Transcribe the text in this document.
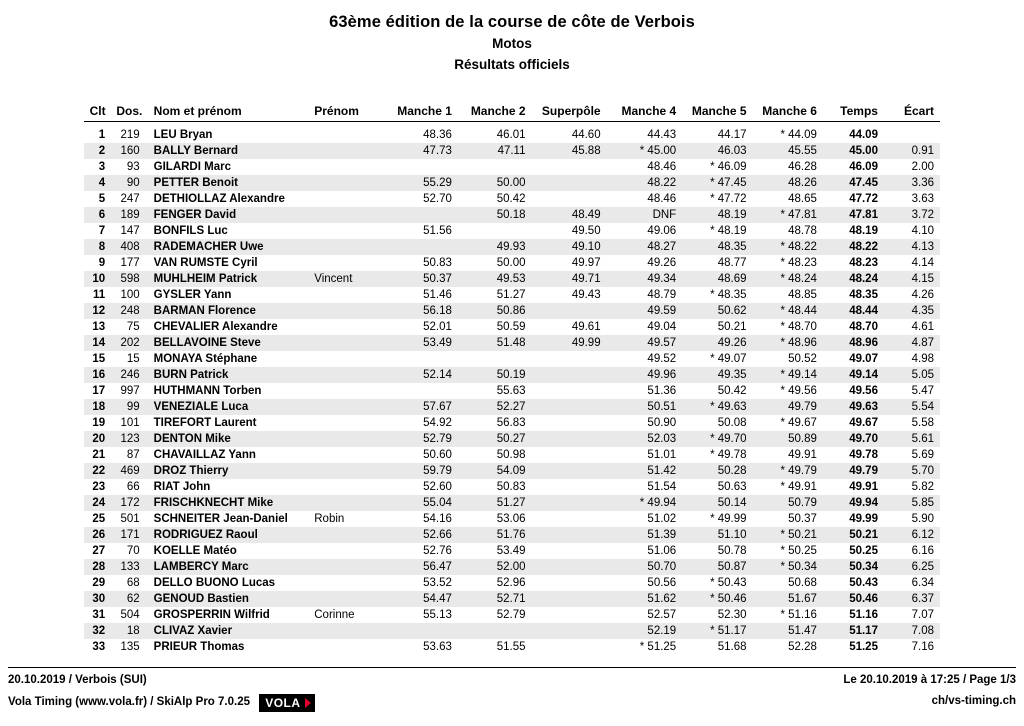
63ème édition de la course de côte de Verbois
Motos
Résultats officiels
Clt	Dos.	Nom et prénom	Prénom	Manche 1	Manche 2	Superpôle	Manche 4	Manche 5	Manche 6	Temps	Écart

1	219	LEU Bryan		48.36	46.01	44.60	44.43	44.17	* 44.09	44.09	
2	160	BALLY Bernard		47.73	47.11	45.88	* 45.00	46.03	45.55	45.00	0.91
3	93	GILARDI Marc					48.46	* 46.09	46.28	46.09	2.00
4	90	PETTER Benoit		55.29	50.00		48.22	* 47.45	48.26	47.45	3.36
5	247	DETHIOLLAZ Alexandre		52.70	50.42		48.46	* 47.72	48.65	47.72	3.63
6	189	FENGER David			50.18	48.49	DNF	48.19	* 47.81	47.81	3.72
7	147	BONFILS Luc		51.56		49.50	49.06	* 48.19	48.78	48.19	4.10
8	408	RADEMACHER Uwe			49.93	49.10	48.27	48.35	* 48.22	48.22	4.13
9	177	VAN RUMSTE Cyril		50.83	50.00	49.97	49.26	48.77	* 48.23	48.23	4.14
10	598	MUHLHEIM Patrick	Vincent	50.37	49.53	49.71	49.34	48.69	* 48.24	48.24	4.15
11	100	GYSLER Yann		51.46	51.27	49.43	48.79	* 48.35	48.85	48.35	4.26
12	248	BARMAN Florence		56.18	50.86		49.59	50.62	* 48.44	48.44	4.35
13	75	CHEVALIER Alexandre		52.01	50.59	49.61	49.04	50.21	* 48.70	48.70	4.61
14	202	BELLAVOINE Steve		53.49	51.48	49.99	49.57	49.26	* 48.96	48.96	4.87
15	15	MONAYA Stéphane					49.52	* 49.07	50.52	49.07	4.98
16	246	BURN Patrick		52.14	50.19		49.96	49.35	* 49.14	49.14	5.05
17	997	HUTHMANN Torben			55.63		51.36	50.42	* 49.56	49.56	5.47
18	99	VENEZIALE Luca		57.67	52.27		50.51	* 49.63	49.79	49.63	5.54
19	101	TIREFORT Laurent		54.92	56.83		50.90	50.08	* 49.67	49.67	5.58
20	123	DENTON Mike		52.79	50.27		52.03	* 49.70	50.89	49.70	5.61
21	87	CHAVAILLAZ Yann		50.60	50.98		51.01	* 49.78	49.91	49.78	5.69
22	469	DROZ Thierry		59.79	54.09		51.42	50.28	* 49.79	49.79	5.70
23	66	RIAT John		52.60	50.83		51.54	50.63	* 49.91	49.91	5.82
24	172	FRISCHKNECHT Mike		55.04	51.27		* 49.94	50.14	50.79	49.94	5.85
25	501	SCHNEITER Jean-Daniel	Robin	54.16	53.06		51.02	* 49.99	50.37	49.99	5.90
26	171	RODRIGUEZ Raoul		52.66	51.76		51.39	51.10	* 50.21	50.21	6.12
27	70	KOELLE Matéo		52.76	53.49		51.06	50.78	* 50.25	50.25	6.16
28	133	LAMBERCY Marc		56.47	52.00		50.70	50.87	* 50.34	50.34	6.25
29	68	DELLO BUONO Lucas		53.52	52.96		50.56	* 50.43	50.68	50.43	6.34
30	62	GENOUD Bastien		54.47	52.71		51.62	* 50.46	51.67	50.46	6.37
31	504	GROSPERRIN Wilfrid	Corinne	55.13	52.79		52.57	52.30	* 51.16	51.16	7.07
32	18	CLIVAZ Xavier					52.19	* 51.17	51.47	51.17	7.08
33	135	PRIEUR Thomas		53.63	51.55		* 51.25	51.68	52.28	51.25	7.16
20.10.2019 / Verbois (SUI)	Le 20.10.2019 à 17:25 / Page 1/3
Vola Timing (www.vola.fr) / SkiAlp Pro 7.0.25 VOLA	ch/vs-timing.ch
